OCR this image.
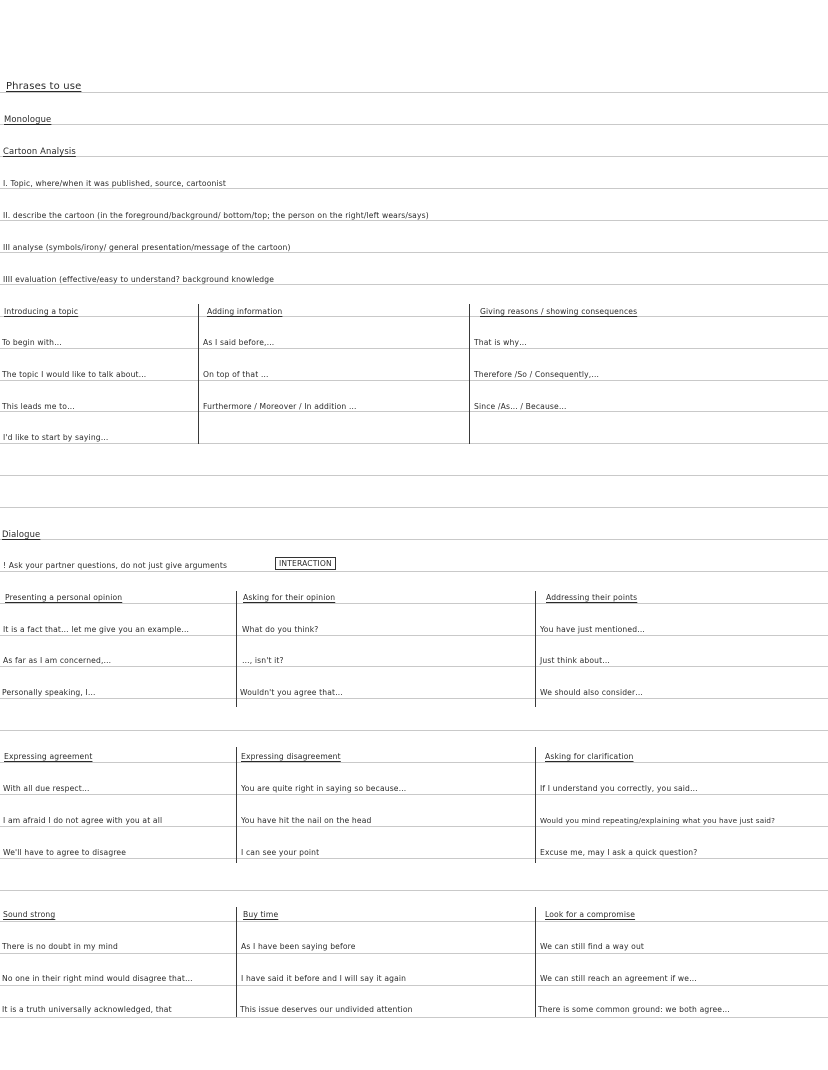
Phrases to use
Monologue
Cartoon Analysis
I. Topic, where/when it was published, source, cartoonist
II. describe the cartoon (in the foreground/background/ bottom/top; the person on the right/left wears/says)
III analyse (symbols/irony/ general presentation/message of the cartoon)
IIII evaluation (effective/easy to understand? background knowledge
Introducing a topic
To begin with…
The topic I would like to talk about…
This leads me to…
I'd like to start by saying…
Adding information
As I said before,…
On top of that …
Furthermore / Moreover / In addition …
Giving reasons / showing consequences
That is why…
Therefore /So / Consequently,…
Since /As… / Because…
Dialogue
! Ask your partner questions, do not just give arguments	INTERACTION
Presenting a personal opinion
It is a fact that… let me give you an example…
As far as I am concerned,…
Personally speaking, I…
Asking for their opinion
What do you think?
…, isn't it?
Wouldn't you agree that…
Addressing their points
You have just mentioned…
Just think about…
We should also consider…
Expressing agreement
With all due respect…
I am afraid I do not agree with you at all
We'll have to agree to disagree
Expressing disagreement
You are quite right in saying so because…
You have hit the nail on the head
I can see your point
Asking for clarification
If I understand you correctly, you said…
Would you mind repeating/explaining what you have just said?
Excuse me, may I ask a quick question?
Sound strong
There is no doubt in my mind
No one in their right mind would disagree that…
It is a truth universally acknowledged, that
Buy time
As I have been saying before
I have said it before and I will say it again
This issue deserves our undivided attention
Look for a compromise
We can still find a way out
We can still reach an agreement if we…
There is some common ground: we both agree…
